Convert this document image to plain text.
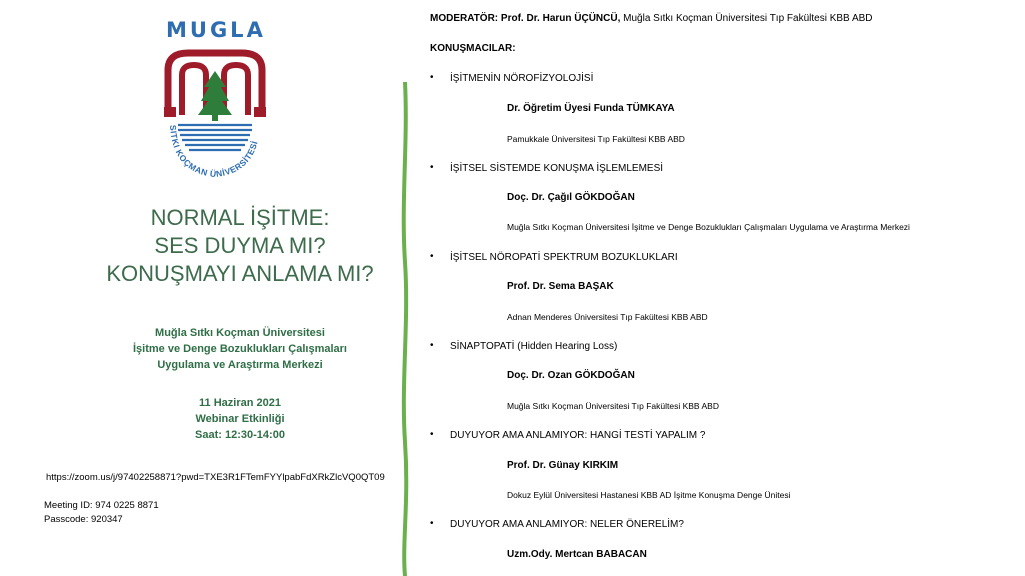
MUGLA
SITKI KOÇMAN ÜNİVERSİTESİ
NORMAL İŞİTME:
SES DUYMA MI?
KONUŞMAYI ANLAMA MI?
Muğla Sıtkı Koçman Üniversitesi
İşitme ve Denge Bozuklukları Çalışmaları
Uygulama ve Araştırma Merkezi
11 Haziran 2021
Webinar Etkinliği
Saat: 12:30-14:00
https://zoom.us/j/97402258871?pwd=TXE3R1FTemFYYlpabFdXRkZlcVQ0QT09
Meeting ID: 974 0225 8871
Passcode: 920347
MODERATÖR: Prof. Dr. Harun ÜÇÜNCÜ, Muğla Sıtkı Koçman Üniversitesi Tıp Fakültesi KBB ABD
KONUŞMACILAR:
• İŞİTMENİN NÖROFİZYOLOJİSİ
Dr. Öğretim Üyesi Funda TÜMKAYA
Pamukkale Üniversitesi Tıp Fakültesi KBB ABD
• İŞİTSEL SİSTEMDE KONUŞMA İŞLEMLEMESİ
Doç. Dr. Çağıl GÖKDOĞAN
Muğla Sıtkı Koçman Üniversitesi İşitme ve Denge Bozuklukları Çalışmaları Uygulama ve Araştırma Merkezi
• İŞİTSEL NÖROPATİ SPEKTRUM BOZUKLUKLARI
Prof. Dr. Sema BAŞAK
Adnan Menderes Üniversitesi Tıp Fakültesi KBB ABD
• SİNAPTOPATİ (Hidden Hearing Loss)
Doç. Dr. Ozan GÖKDOĞAN
Muğla Sıtkı Koçman Üniversitesi Tıp Fakültesi KBB ABD
• DUYUYOR AMA ANLAMIYOR: HANGİ TESTİ YAPALIM ?
Prof. Dr. Günay KIRKIM
Dokuz Eylül Üniversitesi Hastanesi KBB AD İşitme Konuşma Denge Ünitesi
• DUYUYOR AMA ANLAMIYOR: NELER ÖNERELİM?
Uzm.Ody. Mertcan BABACAN
